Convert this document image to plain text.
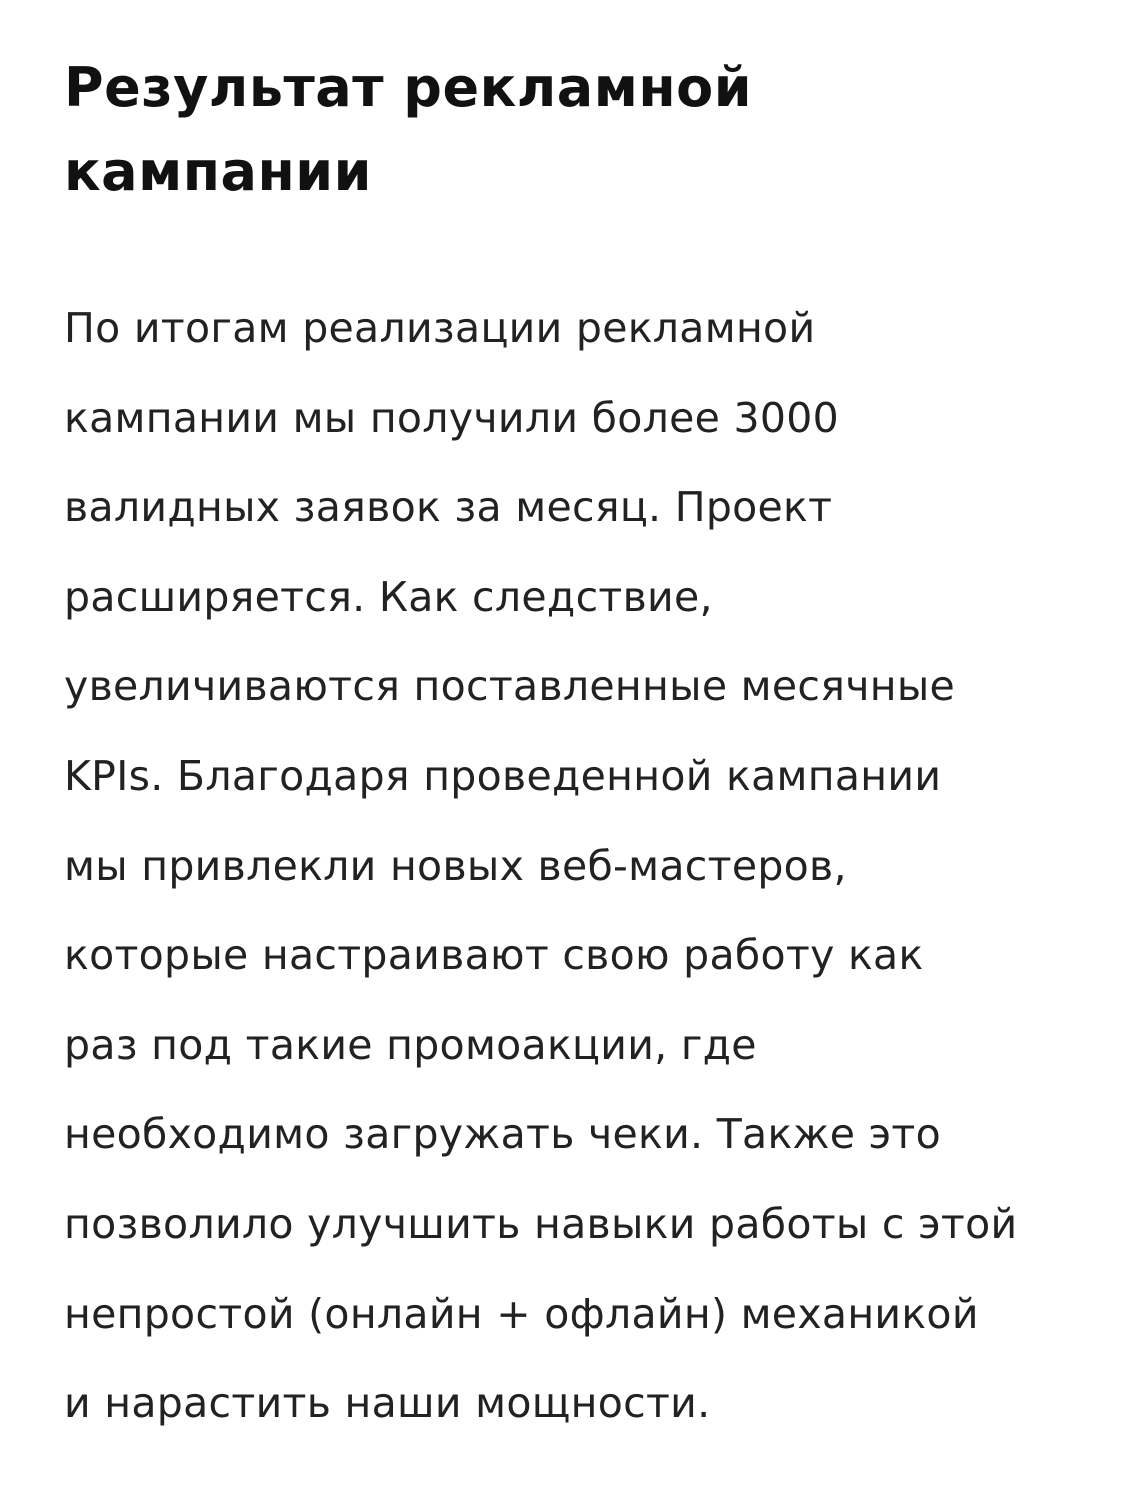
Результат рекламной
кампании

По итогам реализации рекламной
кампании мы получили более 3000
валидных заявок за месяц. Проект
расширяется. Как следствие,
увеличиваются поставленные месячные
KPIs. Благодаря проведенной кампании
мы привлекли новых веб-мастеров,
которые настраивают свою работу как
раз под такие промоакции, где
необходимо загружать чеки. Также это
позволило улучшить навыки работы с этой
непростой (онлайн + офлайн) механикой
и нарастить наши мощности.
